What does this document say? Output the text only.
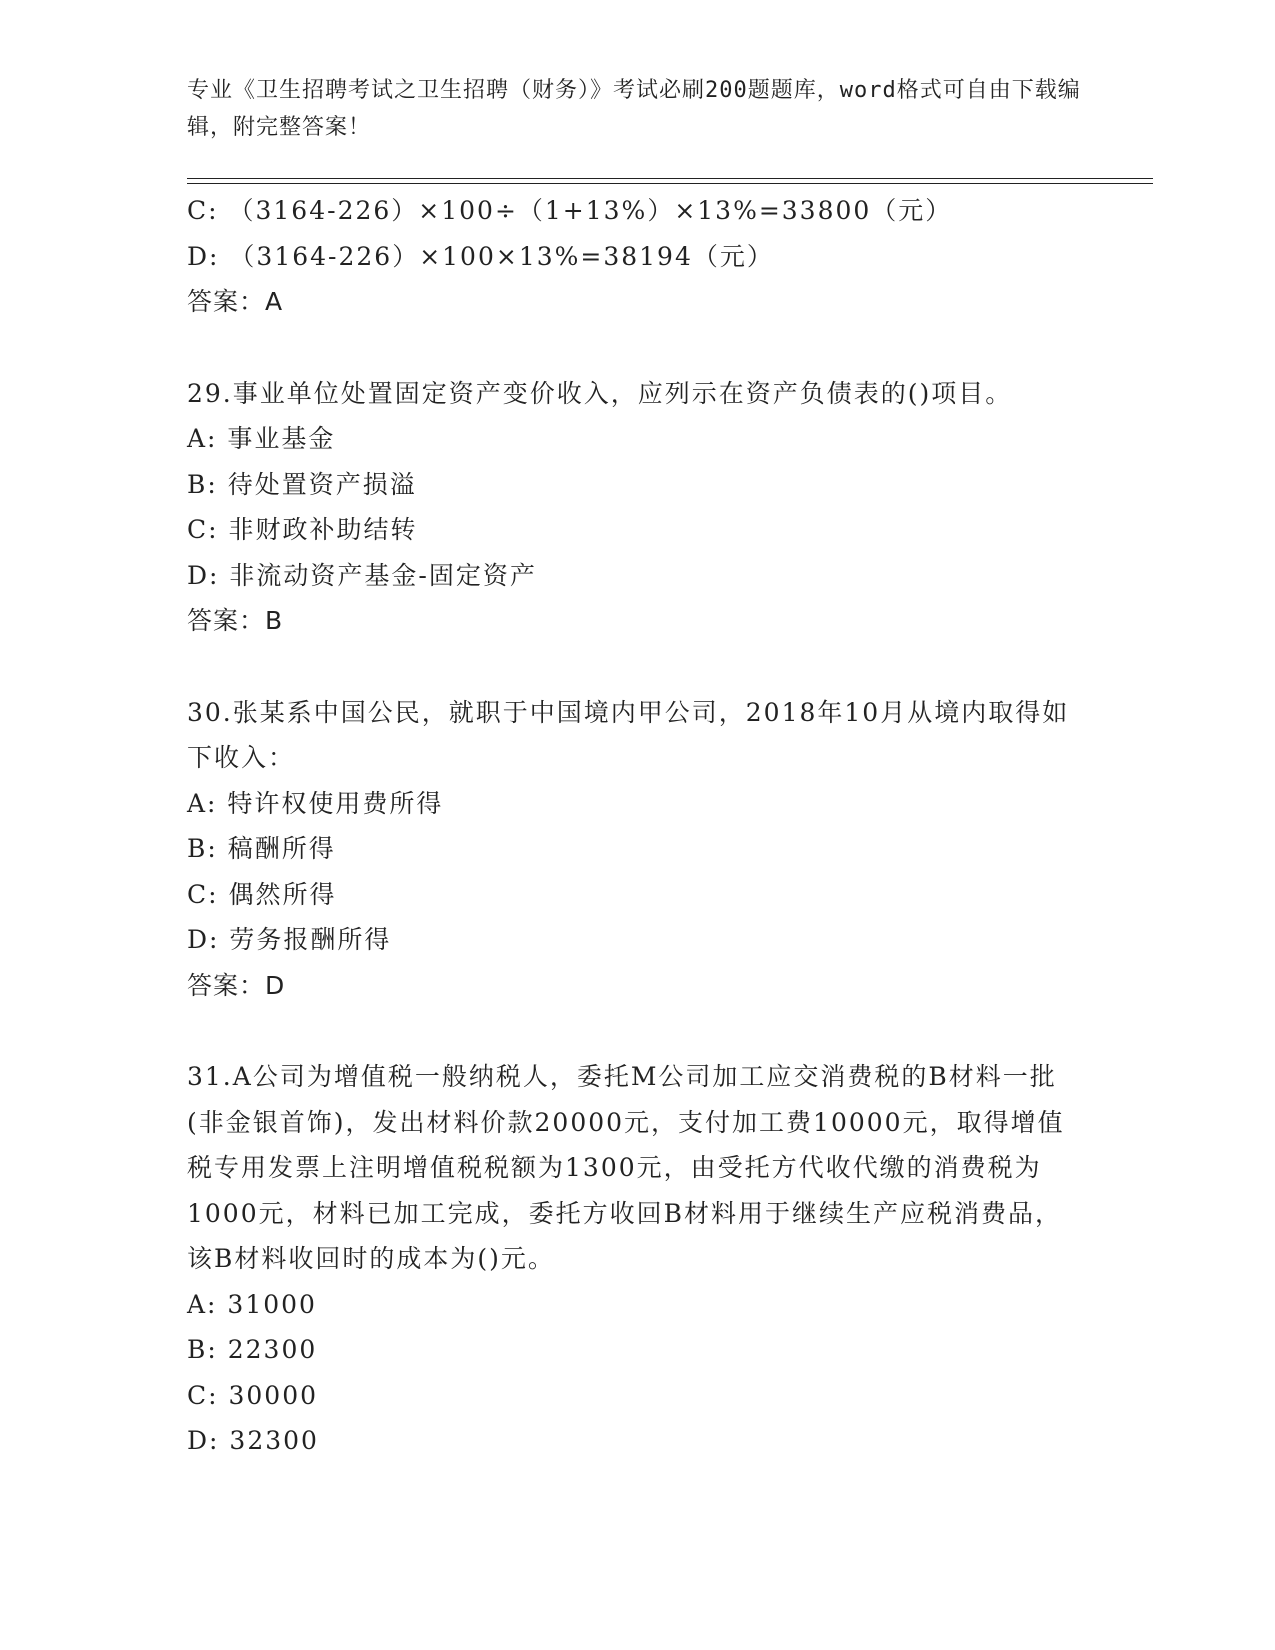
专业《卫生招聘考试之卫生招聘（财务）》考试必刷200题题库，word格式可自由下载编辑，附完整答案！
C: （3164-226）×100÷（1+13%）×13%=33800（元）
D: （3164-226）×100×13%=38194（元）
答案：A
29.事业单位处置固定资产变价收入，应列示在资产负债表的()项目。
A: 事业基金
B: 待处置资产损溢
C: 非财政补助结转
D: 非流动资产基金-固定资产
答案：B
30.张某系中国公民，就职于中国境内甲公司，2018年10月从境内取得如下收入：
A: 特许权使用费所得
B: 稿酬所得
C: 偶然所得
D: 劳务报酬所得
答案：D
31.A公司为增值税一般纳税人，委托M公司加工应交消费税的B材料一批(非金银首饰)，发出材料价款20000元，支付加工费10000元，取得增值税专用发票上注明增值税税额为1300元，由受托方代收代缴的消费税为1000元，材料已加工完成，委托方收回B材料用于继续生产应税消费品，该B材料收回时的成本为()元。
A: 31000
B: 22300
C: 30000
D: 32300
